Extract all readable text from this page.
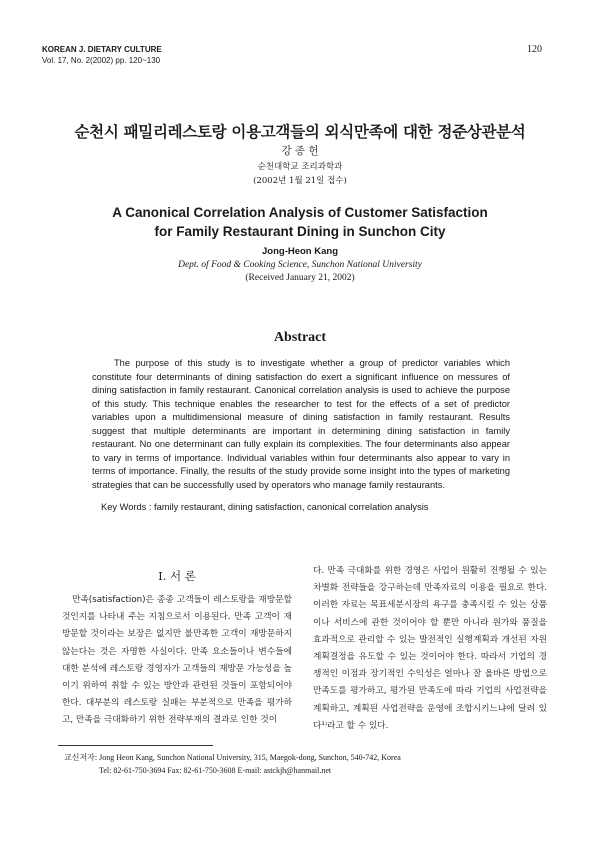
KOREAN J. DIETARY CULTURE
Vol. 17, No. 2(2002) pp. 120~130
120
순천시 패밀리레스토랑 이용고객들의 외식만족에 대한 정준상관분석
강 종 헌
순천대학교 조리과학과
(2002년 1월 21일 접수)
A Canonical Correlation Analysis of Customer Satisfaction
for Family Restaurant Dining in Sunchon City
Jong-Heon Kang
Dept. of Food & Cooking Science, Sunchon National University
(Received January 21, 2002)
Abstract
The purpose of this study is to investigate whether a group of predictor variables which constitute four determinants of dining satisfaction do exert a significant influence on messures of dining satisfaction in family restaurant. Canonical correlation analysis is used to achieve the purpose of this study. This technique enables the researcher to test for the effects of a set of predictor variables upon a multidimensional measure of dining satisfaction in family restaurant. Results suggest that multiple determinants are important in determining dining satisfaction in family restaurant. No one determinant can fully explain its complexities. The four determinants also appear to vary in terms of importance. Individual variables within four determinants also appear to vary in terms of importance. Finally, the results of the study provide some insight into the types of marketing strategies that can be successfully used by operators who manage family restaurants.
Key Words : family restaurant, dining satisfaction, canonical correlation analysis
I. 서 론
만족(satisfaction)은 종종 고객들이 레스토랑을 재방문할 것인지를 나타내 주는 지침으로서 이용된다. 만족 고객이 재방문할 것이라는 보장은 없지만 불만족한 고객이 재방문하지 않는다는 것은 자명한 사실이다. 만족 요소들이나 변수들에 대한 분석에 레스토랑 경영자가 고객들의 재방문 가능성을 높이기 위하여 취할 수 있는 방안과 관련된 것들이 포함되어야 한다. 대부분의 레스토랑 실패는 부분적으로 만족을 평가하고, 만족을 극대화하기 위한 전략부재의 결과로 인한 것이
다. 만족 극대화를 위한 경영은 사업이 원활히 진행될 수 있는 차별화 전략들을 강구하는데 만족자료의 이용을 필요로 한다. 이러한 자료는 목표세분시장의 욕구를 충족시킬 수 있는 상품이나 서비스에 관한 것이어야 할 뿐만 아니라 원가와 품질을 효과적으로 관리할 수 있는 발전적인 실행계획과 개선된 자원계획결정을 유도할 수 있는 것이어야 한다. 따라서 기업의 경쟁적인 이점과 장기적인 수익성은 얼마나 잘 올바른 방법으로 만족도를 평가하고, 평가된 만족도에 따라 기업의 사업전략을 계획하고, 계획된 사업전략을 운영에 조합시키느냐에 달려 있다¹⁾라고 할 수 있다.
교신저자: Jong Heon Kang, Sunchon National University, 315, Maegok-dong, Sunchon, 540-742, Korea
Tel: 82-61-750-3694 Fax: 82-61-750-3608 E-mail: astckjh@hanmail.net
